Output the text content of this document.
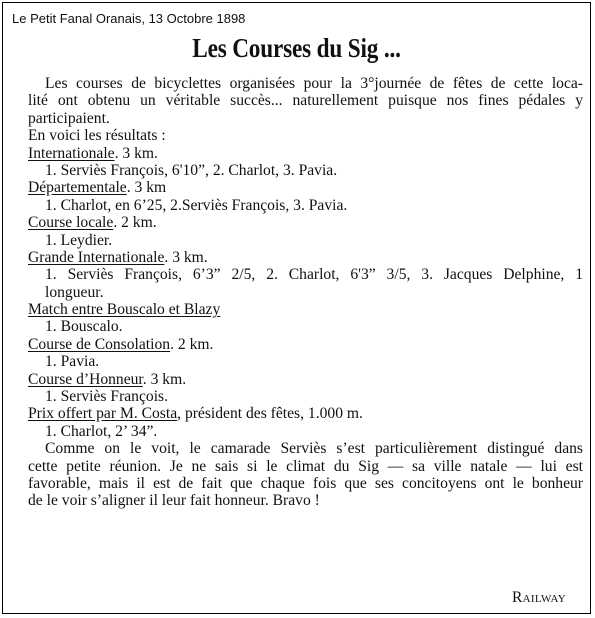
Le Petit Fanal Oranais, 13 Octobre 1898
Les Courses du Sig ...
Les courses de bicyclettes organisées pour la 3°journée de fêtes de cette loca-
lité ont obtenu un véritable succès... naturellement puisque nos fines pédales y
participaient.
En voici les résultats :
Internationale. 3 km.
1. Serviès François, 6'10”, 2. Charlot, 3. Pavia.
Départementale. 3 km
1. Charlot, en 6’25, 2.Serviès François, 3. Pavia.
Course locale. 2 km.
1. Leydier.
Grande Internationale. 3 km.
1. Serviès François, 6’3” 2/5, 2. Charlot, 6'3” 3/5, 3. Jacques Delphine, 1
longueur.
Match entre Bouscalo et Blazy
1. Bouscalo.
Course de Consolation. 2 km.
1. Pavia.
Course d’Honneur. 3 km.
1. Serviès François.
Prix offert par M. Costa, président des fêtes, 1.000 m.
1. Charlot, 2’ 34”.
Comme on le voit, le camarade Serviès s’est particulièrement distingué dans
cette petite réunion. Je ne sais si le climat du Sig — sa ville natale — lui est
favorable, mais il est de fait que chaque fois que ses concitoyens ont le bonheur
de le voir s’aligner il leur fait honneur. Bravo !
Railway
